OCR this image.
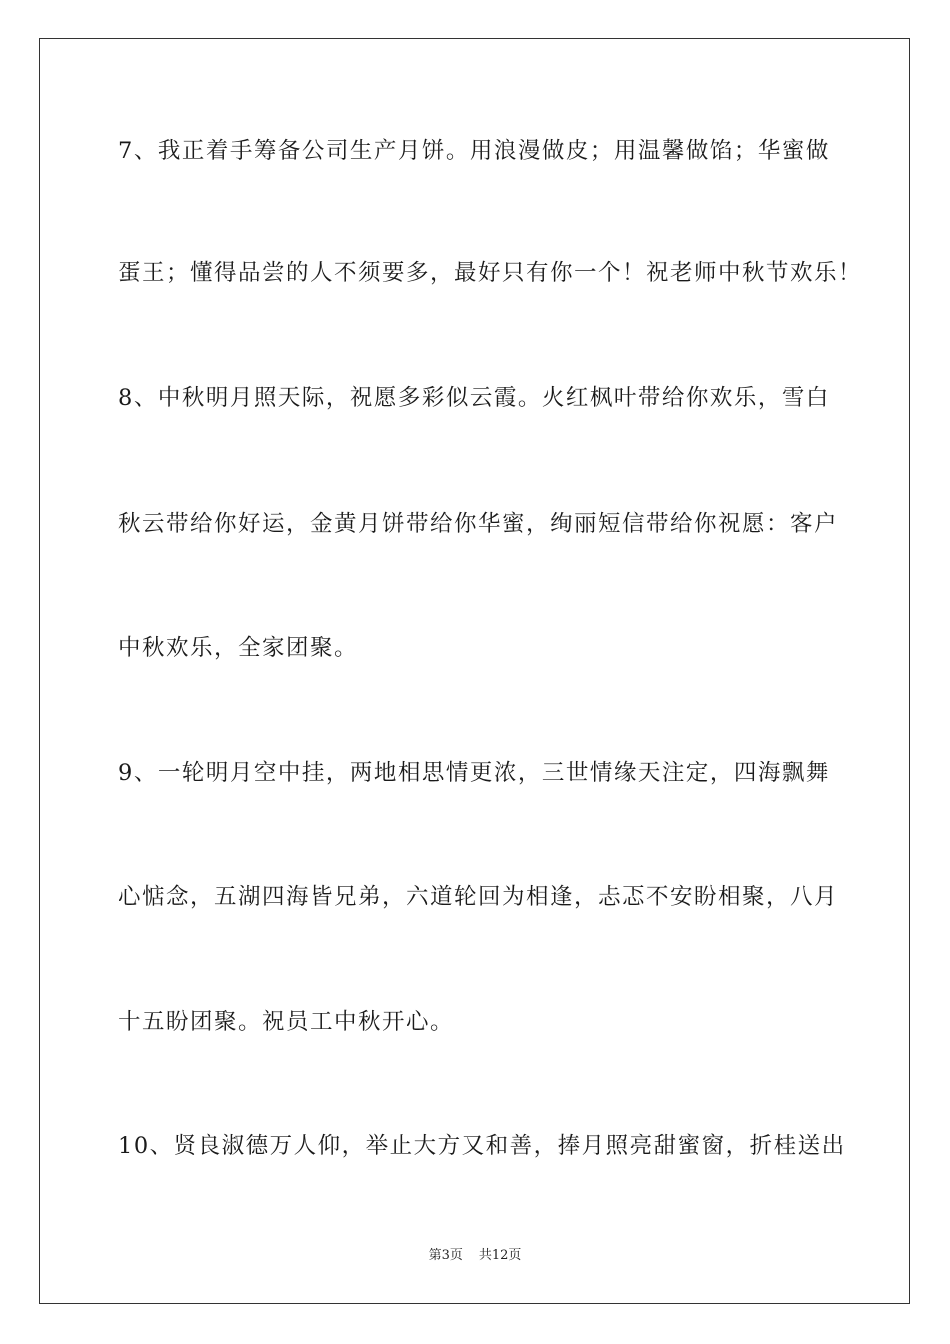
7、我正着手筹备公司生产月饼。用浪漫做皮；用温馨做馅；华蜜做
蛋王；懂得品尝的人不须要多，最好只有你一个！祝老师中秋节欢乐！
8、中秋明月照天际，祝愿多彩似云霞。火红枫叶带给你欢乐，雪白
秋云带给你好运，金黄月饼带给你华蜜，绚丽短信带给你祝愿：客户
中秋欢乐，全家团聚。
9、一轮明月空中挂，两地相思情更浓，三世情缘天注定，四海飘舞
心惦念，五湖四海皆兄弟，六道轮回为相逢，忐忑不安盼相聚，八月
十五盼团聚。祝员工中秋开心。
10、贤良淑德万人仰，举止大方又和善，捧月照亮甜蜜窗，折桂送出
第3页 共12页
